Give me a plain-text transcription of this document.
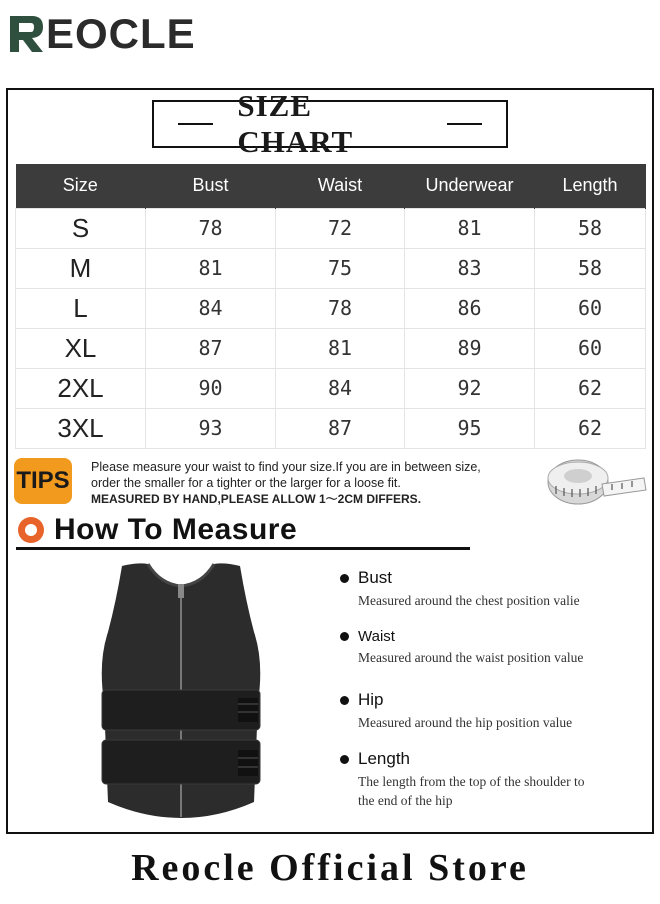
EOCLE
SIZE CHART
Size	Bust	Waist	Underwear	Length
S	78	72	81	58
M	81	75	83	58
L	84	78	86	60
XL	87	81	89	60
2XL	90	84	92	62
3XL	93	87	95	62
TIPS Please measure your waist to find your size.If you are in between size,
order the smaller for a tighter or the larger for a loose fit.
MEASURED BY HAND,PLEASE ALLOW 1～2CM DIFFERS.
How To Measure
Bust
Measured around the chest position valie
Waist
Measured around the waist position value
Hip
Measured around the hip position value
Length
The length from the top of the shoulder to
the end of the hip
Reocle Official Store
